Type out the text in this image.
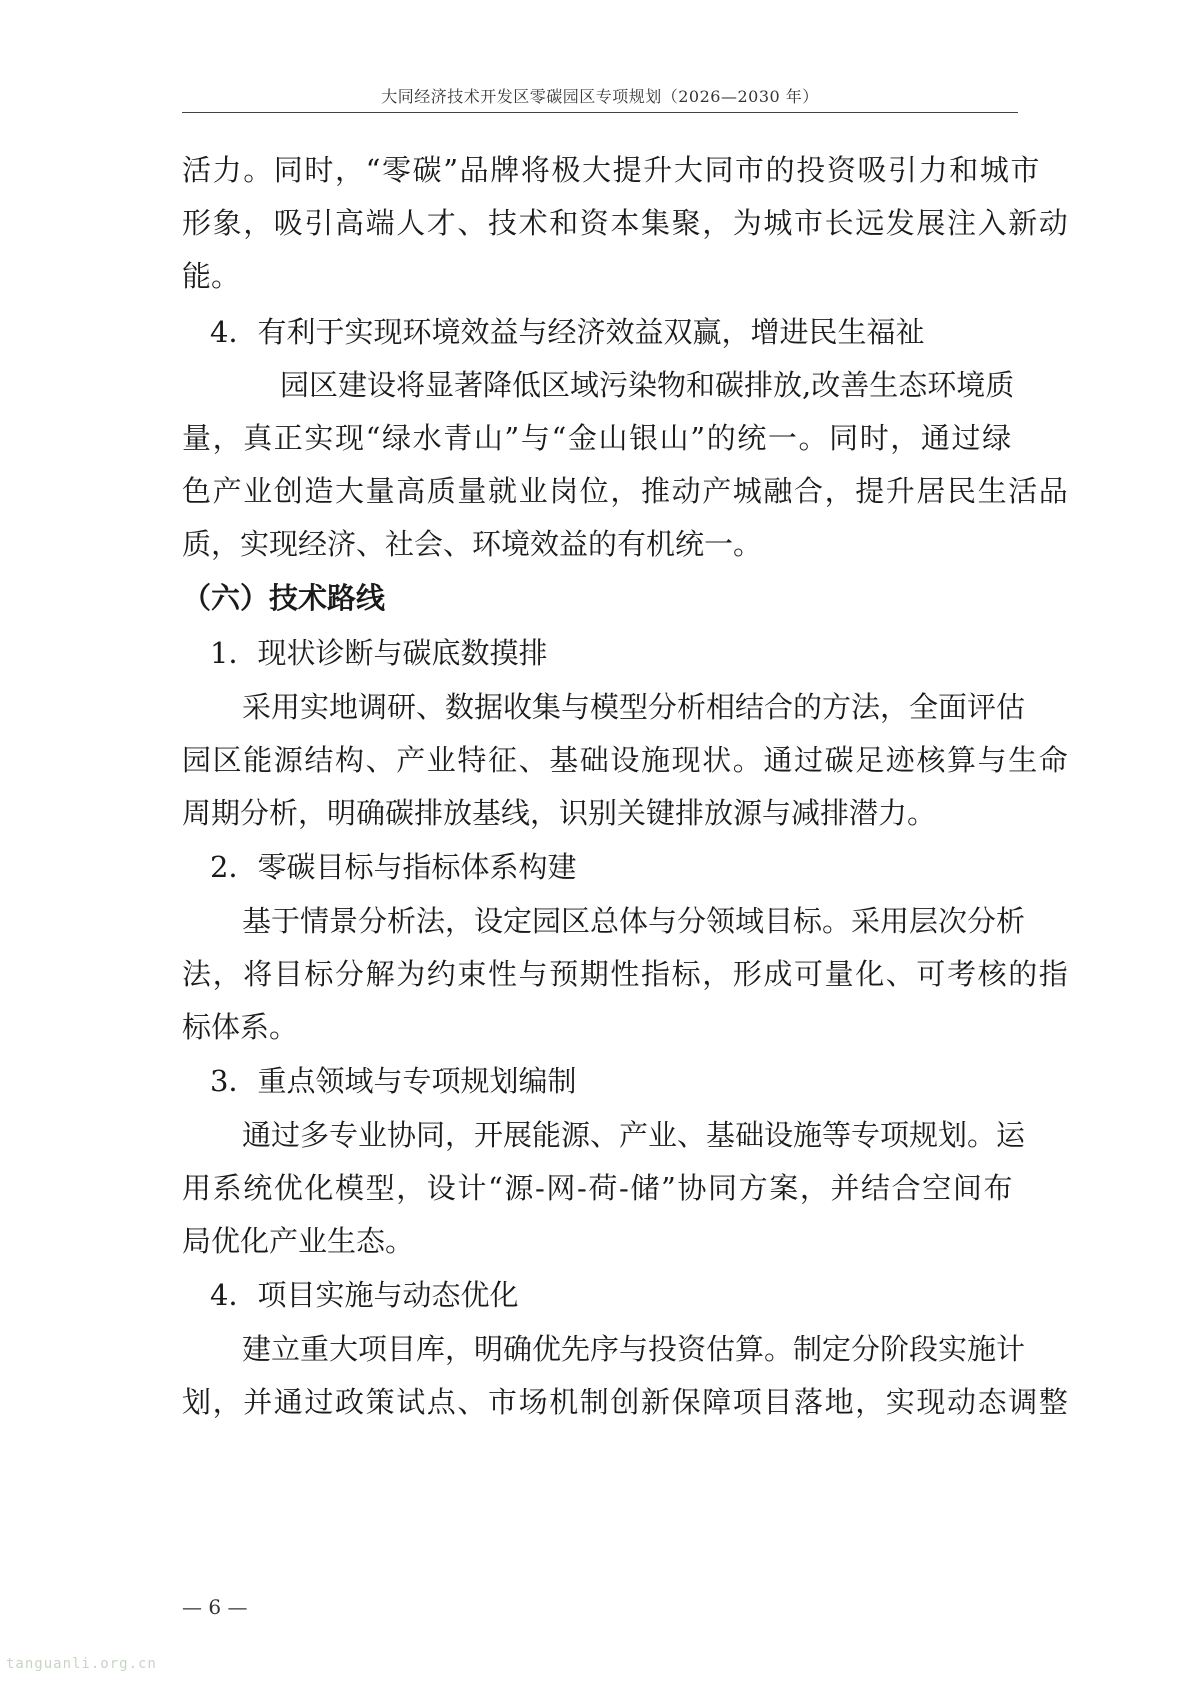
大同经济技术开发区零碳园区专项规划（2026—2030 年）
活力。同时，“零碳”品牌将极大提升大同市的投资吸引力和城市
形象，吸引高端人才、技术和资本集聚，为城市长远发展注入新动
能。
4．有利于实现环境效益与经济效益双赢，增进民生福祉
园区建设将显著降低区域污染物和碳排放,改善生态环境质
量，真正实现“绿水青山”与“金山银山”的统一。同时，通过绿
色产业创造大量高质量就业岗位，推动产城融合，提升居民生活品
质，实现经济、社会、环境效益的有机统一。
（六）技术路线
1．现状诊断与碳底数摸排
采用实地调研、数据收集与模型分析相结合的方法，全面评估
园区能源结构、产业特征、基础设施现状。通过碳足迹核算与生命
周期分析，明确碳排放基线，识别关键排放源与减排潜力。
2．零碳目标与指标体系构建
基于情景分析法，设定园区总体与分领域目标。采用层次分析
法，将目标分解为约束性与预期性指标，形成可量化、可考核的指
标体系。
3．重点领域与专项规划编制
通过多专业协同，开展能源、产业、基础设施等专项规划。运
用系统优化模型，设计“源-网-荷-储”协同方案，并结合空间布
局优化产业生态。
4．项目实施与动态优化
建立重大项目库，明确优先序与投资估算。制定分阶段实施计
划，并通过政策试点、市场机制创新保障项目落地，实现动态调整
— 6 —
tanguanli.org.cn
